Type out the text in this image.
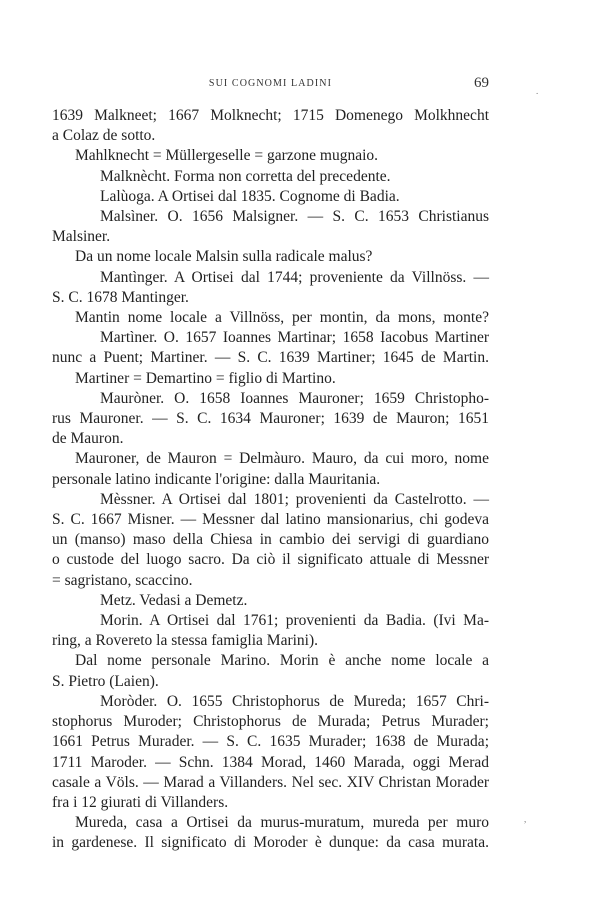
SUI COGNOMI LADINI	69	.
,
1639 Malkneet; 1667 Molknecht; 1715 Domenego Molkhnecht
a Colaz de sotto.
Mahlknecht = Müllergeselle = garzone mugnaio.
Malknècht. Forma non corretta del precedente.
Lalùoga. A Ortisei dal 1835. Cognome di Badia.
Malsìner. O. 1656 Malsigner. — S. C. 1653 Christianus
Malsiner.
Da un nome locale Malsin sulla radicale malus?
Mantìnger. A Ortisei dal 1744; proveniente da Villnöss. —
S. C. 1678 Mantinger.
Mantin nome locale a Villnöss, per montin, da mons, monte?
Martìner. O. 1657 Ioannes Martinar; 1658 Iacobus Martiner
nunc a Puent; Martiner. — S. C. 1639 Martiner; 1645 de Martin.
Martiner = Demartino = figlio di Martino.
Mauròner. O. 1658 Ioannes Mauroner; 1659 Christopho-
rus Mauroner. — S. C. 1634 Mauroner; 1639 de Mauron; 1651
de Mauron.
Mauroner, de Mauron = Delmàuro. Mauro, da cui moro, nome
personale latino indicante l'origine: dalla Mauritania.
Mèssner. A Ortisei dal 1801; provenienti da Castelrotto. —
S. C. 1667 Misner. — Messner dal latino mansionarius, chi godeva
un (manso) maso della Chiesa in cambio dei servigi di guardiano
o custode del luogo sacro. Da ciò il significato attuale di Messner
= sagristano, scaccino.
Metz. Vedasi a Demetz.
Morin. A Ortisei dal 1761; provenienti da Badia. (Ivi Ma-
ring, a Rovereto la stessa famiglia Marini).
Dal nome personale Marino. Morin è anche nome locale a
S. Pietro (Laien).
Moròder. O. 1655 Christophorus de Mureda; 1657 Chri-
stophorus Muroder; Christophorus de Murada; Petrus Murader;
1661 Petrus Murader. — S. C. 1635 Murader; 1638 de Murada;
1711 Maroder. — Schn. 1384 Morad, 1460 Marada, oggi Merad
casale a Völs. — Marad a Villanders. Nel sec. XIV Christan Morader
fra i 12 giurati di Villanders.
Mureda, casa a Ortisei da murus-muratum, mureda per muro
in gardenese. Il significato di Moroder è dunque: da casa murata.
